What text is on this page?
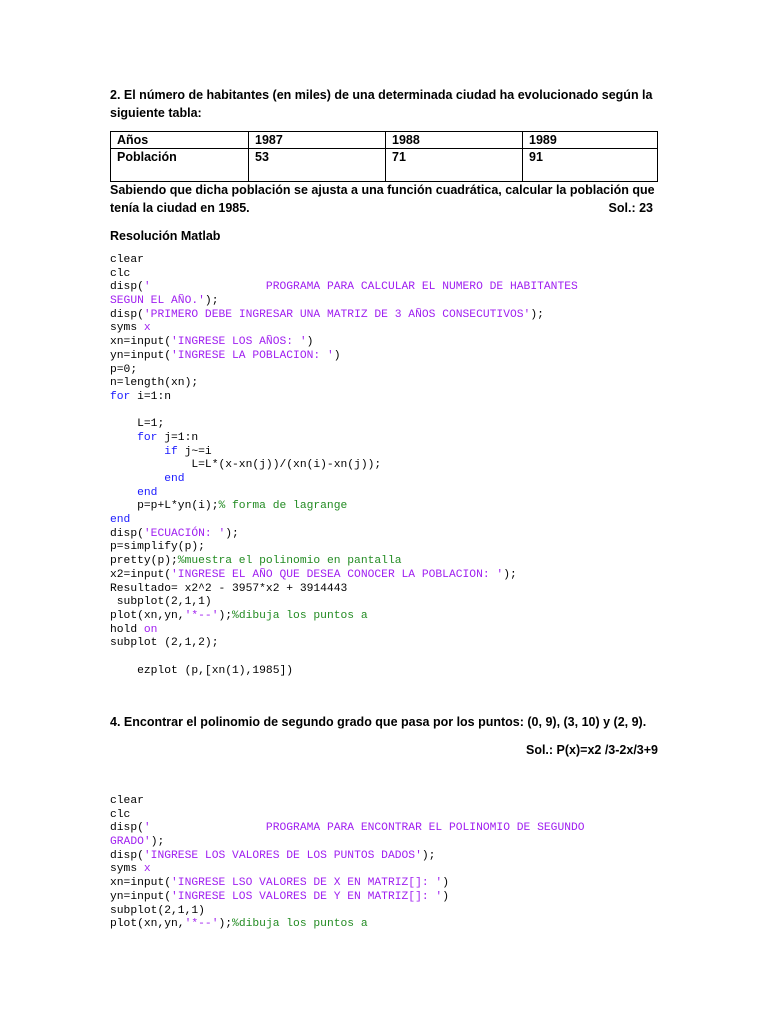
2. El número de habitantes (en miles) de una determinada ciudad ha evolucionado según la
siguiente tabla:
Años	1987	1988	1989
Población	53	71	91
Sabiendo que dicha población se ajusta a una función cuadrática, calcular la población que
tenía la ciudad en 1985.	Sol.: 23
Resolución Matlab
clear
clc
disp('                 PROGRAMA PARA CALCULAR EL NUMERO DE HABITANTES
SEGUN EL AÑO.');
disp('PRIMERO DEBE INGRESAR UNA MATRIZ DE 3 AÑOS CONSECUTIVOS');
syms x
xn=input('INGRESE LOS AÑOS: ')
yn=input('INGRESE LA POBLACION: ')
p=0;
n=length(xn);
for i=1:n
L=1;
for j=1:n
if j~=i
L=L*(x-xn(j))/(xn(i)-xn(j));
end
end
p=p+L*yn(i);% forma de lagrange
end
disp('ECUACIÓN: ');
p=simplify(p);
pretty(p);%muestra el polinomio en pantalla
x2=input('INGRESE EL AÑO QUE DESEA CONOCER LA POBLACION: ');
Resultado= x2^2 - 3957*x2 + 3914443
subplot(2,1,1)
plot(xn,yn,'*--');%dibuja los puntos a
hold on
subplot (2,1,2);
ezplot (p,[xn(1),1985])
4. Encontrar el polinomio de segundo grado que pasa por los puntos: (0, 9), (3, 10) y (2, 9).
Sol.: P(x)=x2 /3-2x/3+9
clear
clc
disp('                 PROGRAMA PARA ENCONTRAR EL POLINOMIO DE SEGUNDO
GRADO');
disp('INGRESE LOS VALORES DE LOS PUNTOS DADOS');
syms x
xn=input('INGRESE LSO VALORES DE X EN MATRIZ[]: ')
yn=input('INGRESE LOS VALORES DE Y EN MATRIZ[]: ')
subplot(2,1,1)
plot(xn,yn,'*--');%dibuja los puntos a
